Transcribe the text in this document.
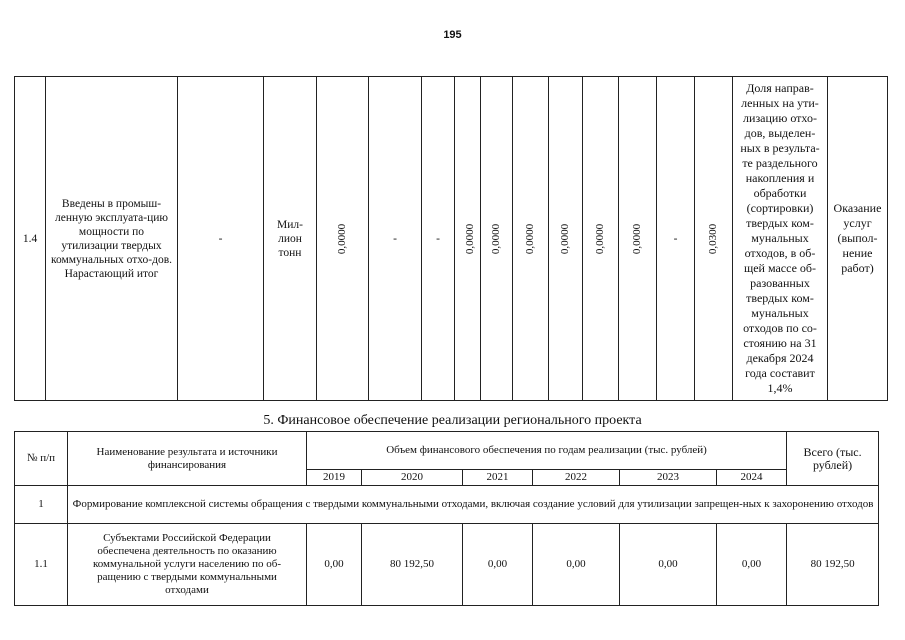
195
1.4	Введены в промыш-ленную эксплуата-цию мощности по утилизации твердых коммунальных отхо-дов. Нарастающий итог	-	Мил-лион тонн	0,0000	-	-	0,0000	0,0000	0,0000	0,0000	0,0000	0,0000	-	0,0300	Доля направ-ленных на ути-лизацию отхо-дов, выделен-ных в результа-те раздельного накопления и обработки (сортировки) твердых ком-мунальных отходов, в об-щей массе об-разованных твердых ком-мунальных отходов по со-стоянию на 31 декабря 2024 года составит 1,4%	Оказание услуг (выпол-нение работ)
5. Финансовое обеспечение реализации регионального проекта
№ п/п	Наименование результата и источники финансирования	Объем финансового обеспечения по годам реализации (тыс. рублей)						Всего (тыс. рублей)
		2019	2020	2021	2022	2023	2024	
1	Формирование комплексной системы обращения с твердыми коммунальными отходами, включая создание условий для утилизации запрещен-ных к захоронению отходов							
1.1	Субъектами Российской Федерации обеспечена деятельность по оказанию коммунальной услуги населению по об-ращению с твердыми коммунальными отходами	0,00	80 192,50	0,00	0,00	0,00	0,00	80 192,50
